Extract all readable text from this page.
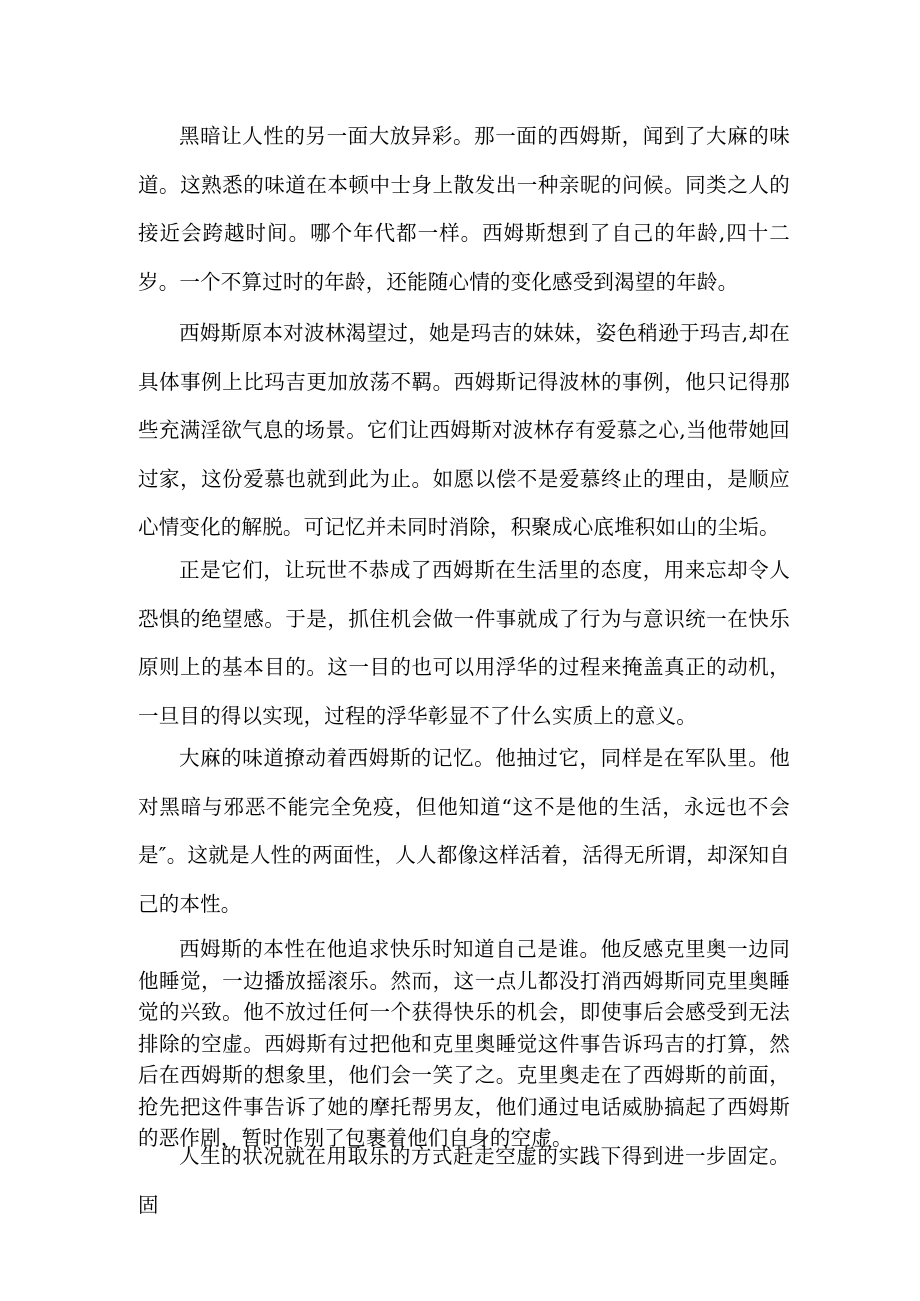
黑暗让人性的另一面大放异彩。那一面的西姆斯，闻到了大麻的味道。这熟悉的味道在本顿中士身上散发出一种亲昵的问候。同类之人的接近会跨越时间。哪个年代都一样。西姆斯想到了自己的年龄,四十二岁。一个不算过时的年龄，还能随心情的变化感受到渴望的年龄。

西姆斯原本对波林渴望过，她是玛吉的妹妹，姿色稍逊于玛吉,却在具体事例上比玛吉更加放荡不羁。西姆斯记得波林的事例，他只记得那些充满淫欲气息的场景。它们让西姆斯对波林存有爱慕之心,当他带她回过家，这份爱慕也就到此为止。如愿以偿不是爱慕终止的理由，是顺应心情变化的解脱。可记忆并未同时消除，积聚成心底堆积如山的尘垢。

正是它们，让玩世不恭成了西姆斯在生活里的态度，用来忘却令人恐惧的绝望感。于是，抓住机会做一件事就成了行为与意识统一在快乐原则上的基本目的。这一目的也可以用浮华的过程来掩盖真正的动机，一旦目的得以实现，过程的浮华彰显不了什么实质上的意义。

大麻的味道撩动着西姆斯的记忆。他抽过它，同样是在军队里。他对黑暗与邪恶不能完全免疫，但他知道“这不是他的生活，永远也不会是″。这就是人性的两面性，人人都像这样活着，活得无所谓，却深知自己的本性。

西姆斯的本性在他追求快乐时知道自己是谁。他反感克里奥一边同他睡觉，一边播放摇滚乐。然而，这一点儿都没打消西姆斯同克里奥睡觉的兴致。他不放过任何一个获得快乐的机会，即使事后会感受到无法排除的空虚。西姆斯有过把他和克里奥睡觉这件事告诉玛吉的打算，然后在西姆斯的想象里，他们会一笑了之。克里奥走在了西姆斯的前面，抢先把这件事告诉了她的摩托帮男友，他们通过电话威胁搞起了西姆斯的恶作剧，暂时作别了包裹着他们自身的空虚。

人生的状况就在用取乐的方式赶走空虚的实践下得到进一步固定。固
